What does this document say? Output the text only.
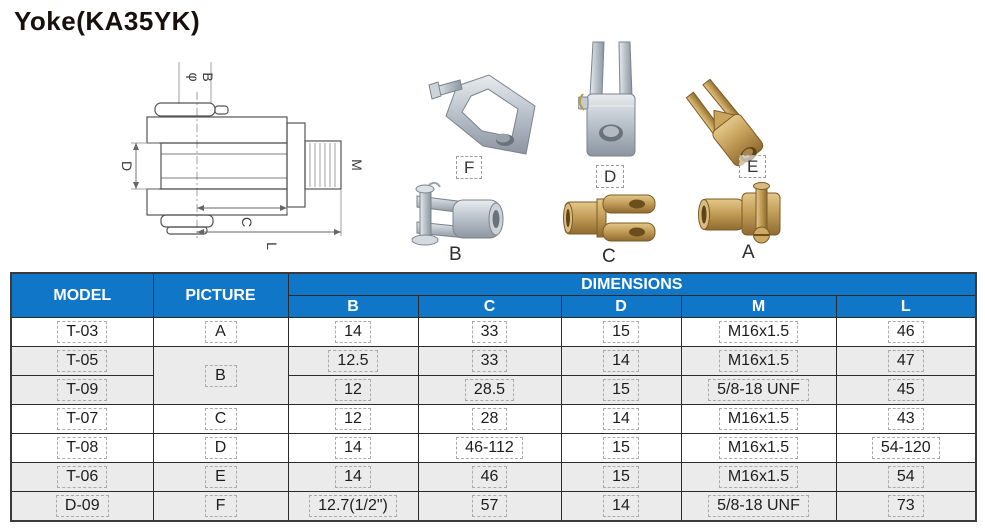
Yoke(KA35YK)
φ
B
D	M
C
L
F	D
E
B	C	A
MODEL	PICTURE	DIMENSIONS				
		B	C	D	M	L
T-03	A	14	33	15	M16x1.5	46
T-05	B	12.5	33	14	M16x1.5	47
T-09		12	28.5	15	5/8-18 UNF	45
T-07	C	12	28	14	M16x1.5	43
T-08	D	14	46-112	15	M16x1.5	54-120
T-06	E	14	46	15	M16x1.5	54
D-09	F	12.7(1/2")	57	14	5/8-18 UNF	73
